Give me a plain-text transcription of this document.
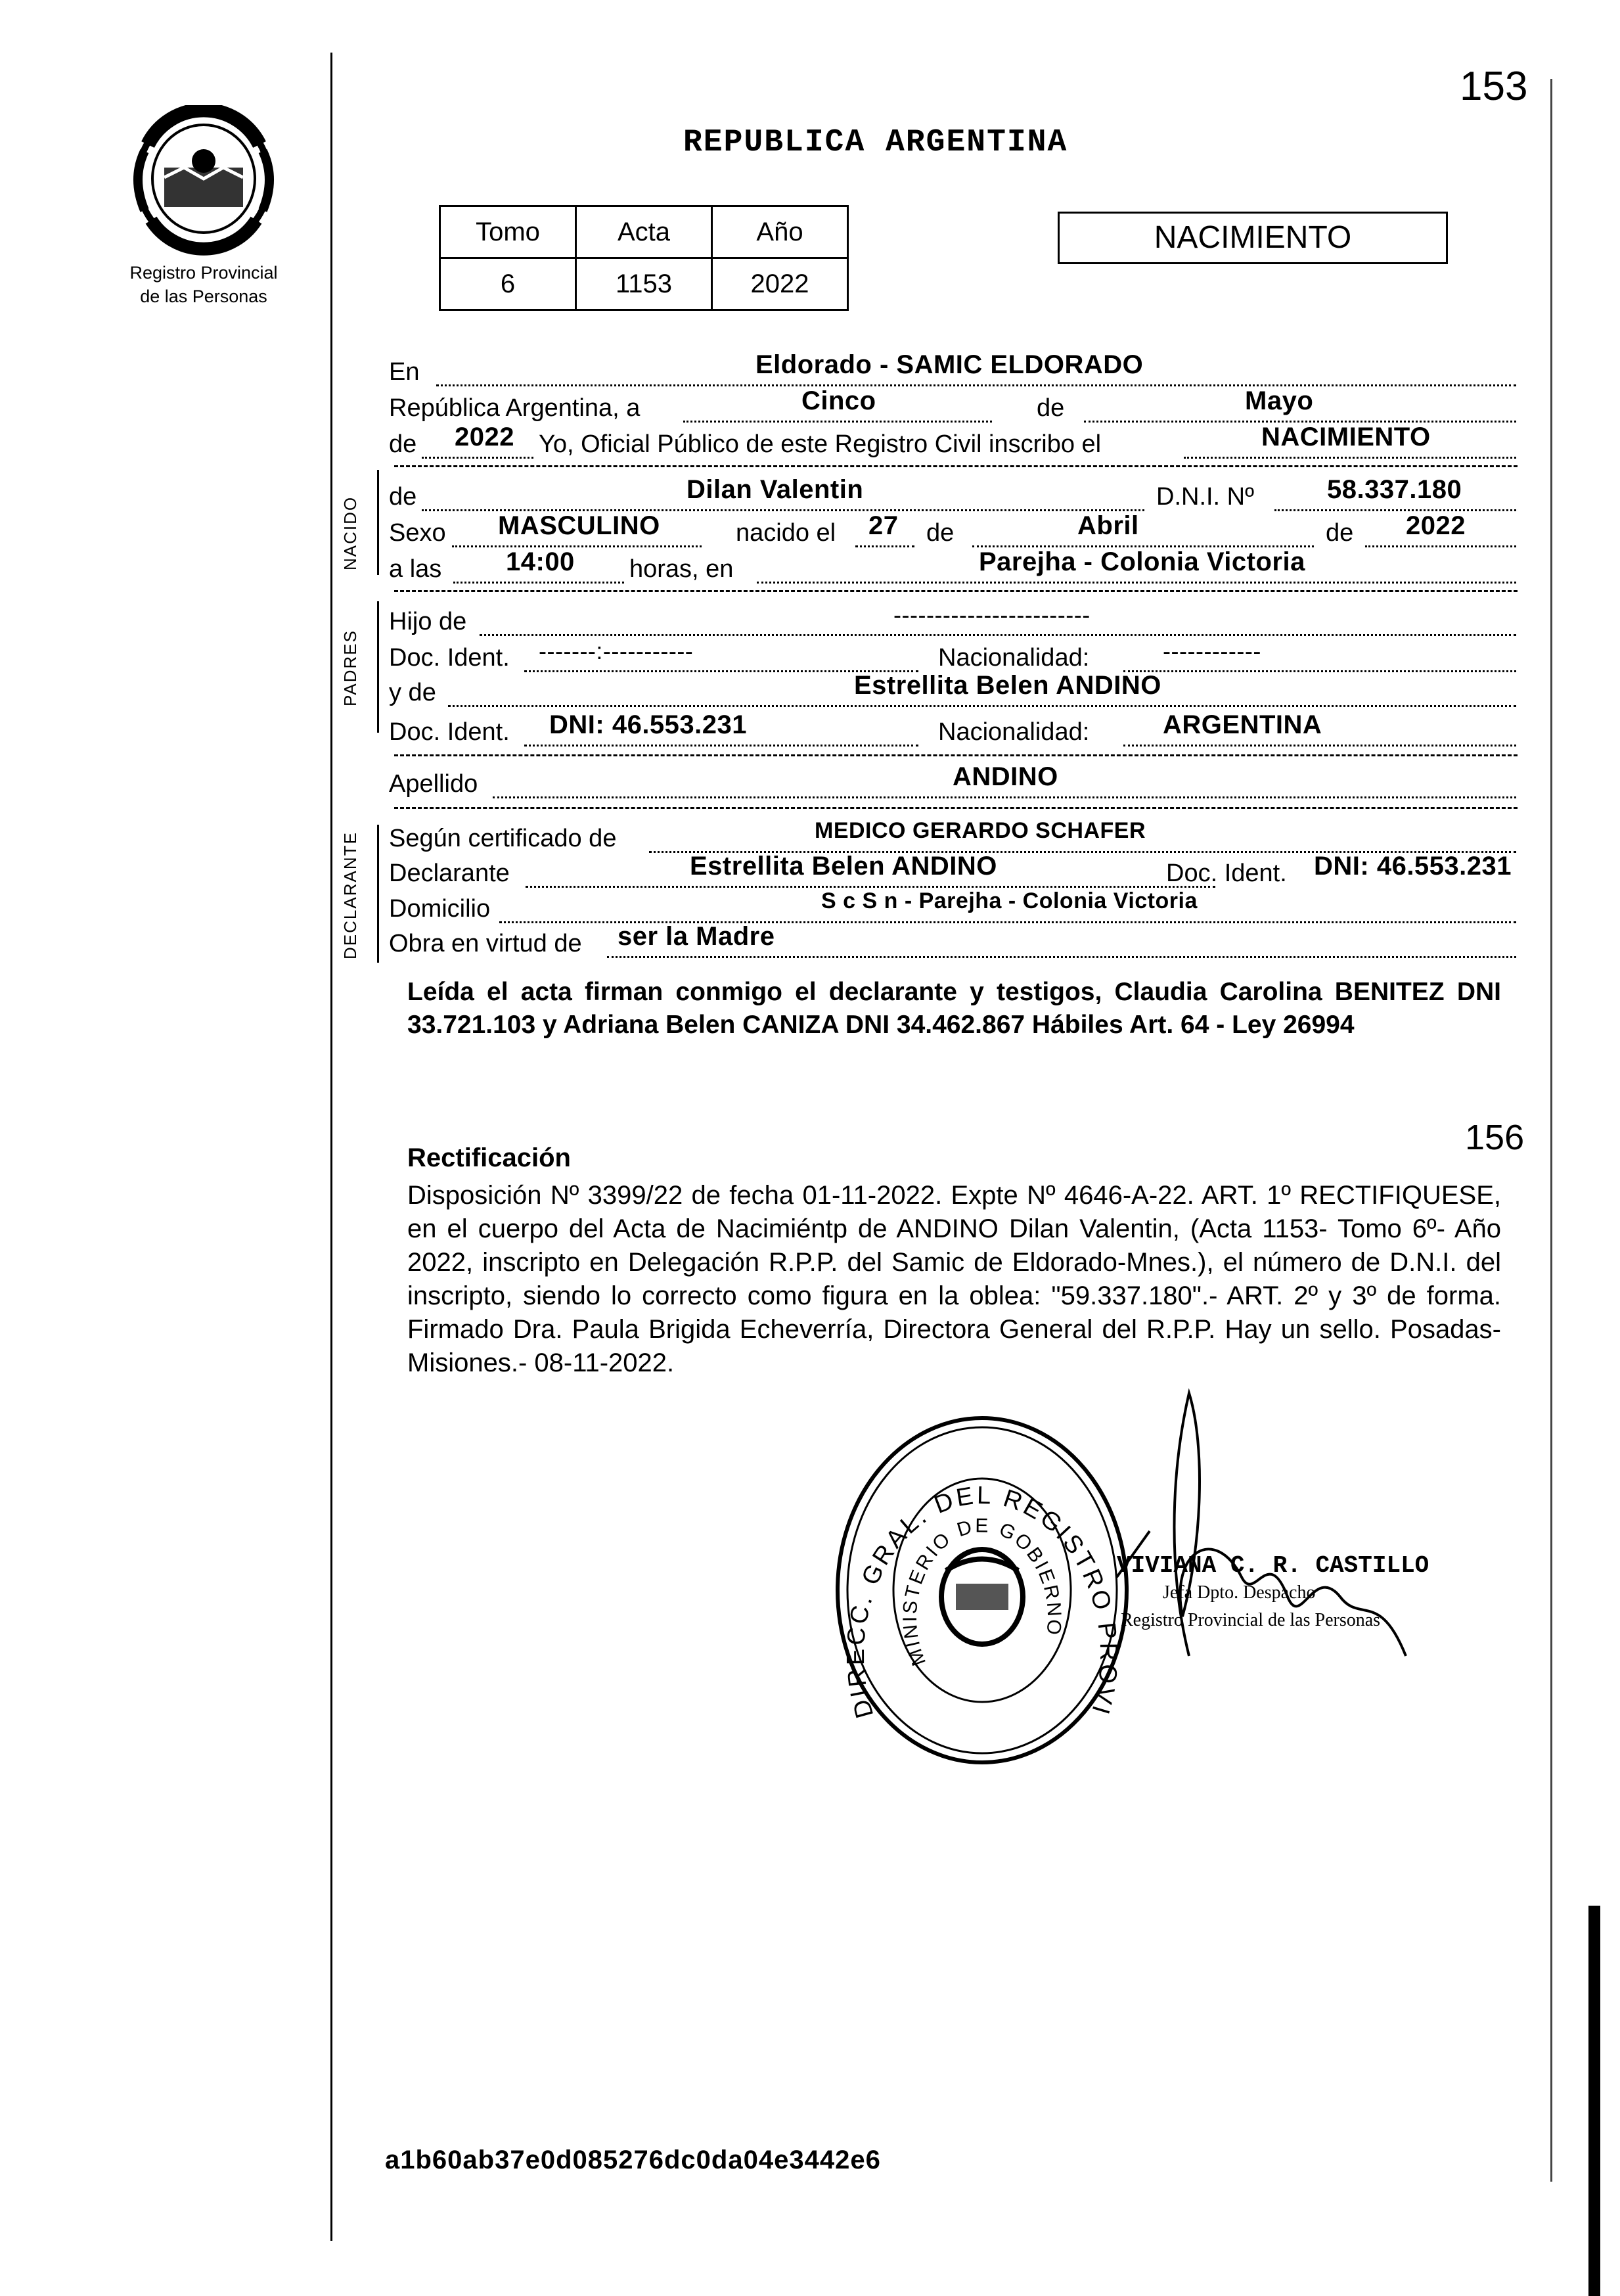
153
Registro Provincial
de las Personas
REPUBLICA ARGENTINA
Tomo	Acta	Año
6	1153	2022
NACIMIENTO
En	Eldorado - SAMIC ELDORADO
República Argentina, a	Cinco	de	Mayo
de 2022 Yo, Oficial Público de este Registro Civil inscribo el	NACIMIENTO
NACIDO de	Dilan Valentin	D.N.I. Nº	58.337.180
Sexo MASCULINO	nacido el 27 de	Abril	de 2022
a las 14:00 horas, en	Parejha - Colonia Victoria
PADRES
Hijo de	------------------------
Doc. Ident. -------:-----------	Nacionalidad:	------------
y de	Estrellita Belen ANDINO
Doc. Ident. DNI: 46.553.231	Nacionalidad:	ARGENTINA
Apellido	ANDINO
DECLARANTE Según certificado de	MEDICO GERARDO SCHAFER
Declarante	Estrellita Belen ANDINO	Doc. Ident. DNI: 46.553.231
Domicilio	S c S n - Parejha - Colonia Victoria
Obra en virtud de ser la Madre
Leída el acta firman conmigo el declarante y testigos, Claudia Carolina BENITEZ DNI 33.721.103 y Adriana Belen CANIZA DNI 34.462.867 Hábiles Art. 64 - Ley 26994
156
Rectificación
Disposición Nº 3399/22 de fecha 01-11-2022. Expte Nº 4646-A-22. ART. 1º RECTIFIQUESE, en el cuerpo del Acta de Nacimiéntp de ANDINO Dilan Valentin, (Acta 1153- Tomo 6º- Año 2022, inscripto en Delegación R.P.P. del Samic de Eldorado-Mnes.), el número de D.N.I. del inscripto, siendo lo correcto como figura en la oblea: "59.337.180".- ART. 2º y 3º de forma. Firmado Dra. Paula Brigida Echeverría, Directora General del R.P.P. Hay un sello. Posadas- Misiones.- 08-11-2022.
DIRECC. GRAL. DEL REGISTRO PROVI
MINISTERIO DE GOBIERNO
VIVIANA C. R. CASTILLO
Jefa Dpto. Despacho
Registro Provincial de las Personas
a1b60ab37e0d085276dc0da04e3442e6
